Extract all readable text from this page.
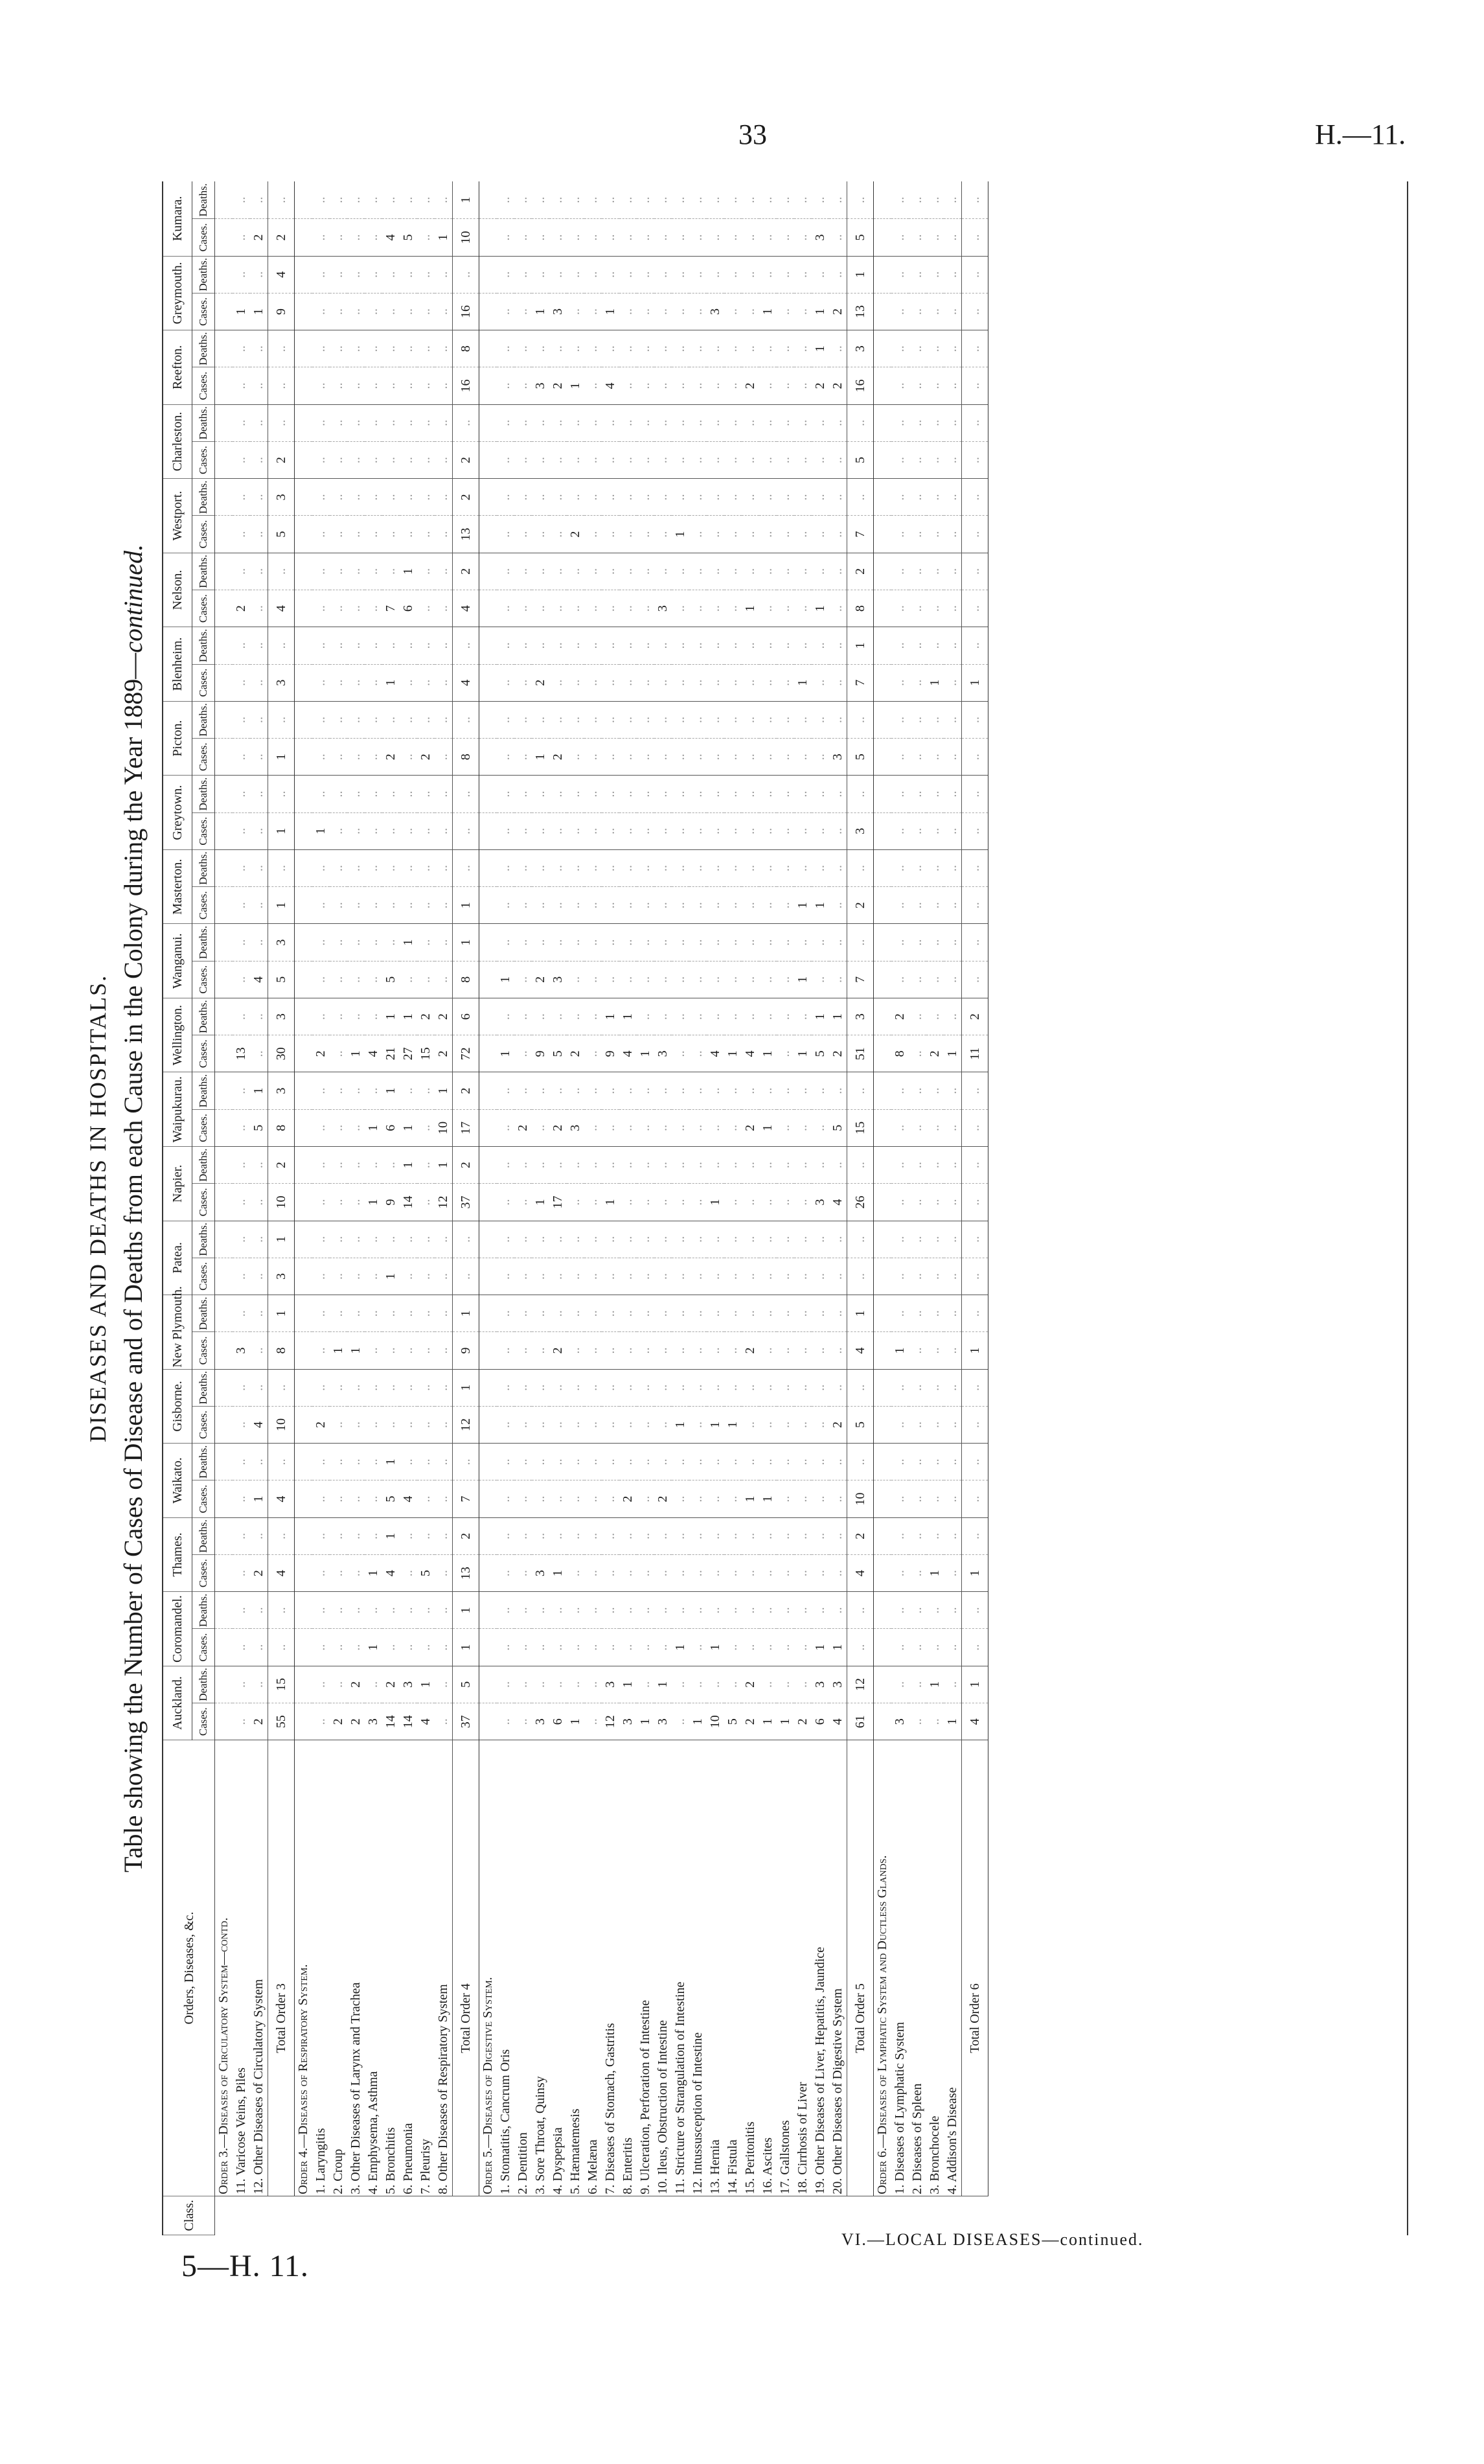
33	H.—11.
5—H. 11.
DISEASES AND DEATHS IN HOSPITALS. Table showing the Number of Cases of Disease and of Deaths from each Cause in the Colony during the Year 1889—continued.
Class.	Orders, Diseases, &c.	Auckland.		Coromandel.		Thames.		Waikato.		Gisborne.		New Plymouth.		Patea.		Napier.		Waipukurau.		Wellington.		Wanganui.		Masterton.		Greytown.		Picton.		Blenheim.		Nelson.		Westport.		Charleston.		Reefton.		Greymouth.		Kumara.	
		Cases.	Deaths.	Cases.	Deaths.	Cases.	Deaths.	Cases.	Deaths.	Cases.	Deaths.	Cases.	Deaths.	Cases.	Deaths.	Cases.	Deaths.	Cases.	Deaths.	Cases.	Deaths.	Cases.	Deaths.	Cases.	Deaths.	Cases.	Deaths.	Cases.	Deaths.	Cases.	Deaths.	Cases.	Deaths.	Cases.	Deaths.	Cases.	Deaths.	Cases.	Deaths.	Cases.	Deaths.	Cases.	Deaths.

VI.—LOCAL DISEASES—continued.	Order 3.—Diseases of Circulatory System—contd.																																										
	11. Varicose Veins, Piles	..	..	..	..	..	..	..	..	..	..	3	..	..	..	..	..	..	..	13	..	..	..	..	..	..	..	..	..	..	..	2	..	..	..	..	..	..	..	1	..	..	..
	12. Other Diseases of Circulatory System	2	..	..	..	2	..	1	..	4	..	..	..	..	..	..	..	5	1	..	..	4	..	..	..	..	..	..	..	..	..	..	..	..	..	..	..	..	..	1	..	2	..
	Total Order 3	55	15	..	..	4	..	4	..	10	..	8	1	3	1	10	2	8	3	30	3	5	3	1	..	1	..	1	..	3	..	4	..	5	3	2	..	..	..	9	4	2	..
	Order 4.—Diseases of Respiratory System.																																										
	1. Laryngitis	..	..	..	..	..	..	..	..	2	..	..	..	..	..	..	..	..	..	2	..	..	..	..	..	1	..	..	..	..	..	..	..	..	..	..	..	..	..	..	..	..	..
	2. Croup	2	..	..	..	..	..	..	..	..	..	1	..	..	..	..	..	..	..	..	..	..	..	..	..	..	..	..	..	..	..	..	..	..	..	..	..	..	..	..	..	..	..
	3. Other Diseases of Larynx and Trachea	2	2	..	..	..	..	..	..	..	..	1	..	..	..	..	..	..	..	1	..	..	..	..	..	..	..	..	..	..	..	..	..	..	..	..	..	..	..	..	..	..	..
	4. Emphysema, Asthma	3	..	1	..	1	..	..	..	..	..	..	..	..	..	1	..	1	..	4	..	..	..	..	..	..	..	..	..	..	..	..	..	..	..	..	..	..	..	..	..	..	..
	5. Bronchitis	14	2	..	..	4	1	5	1	..	..	..	..	1	..	9	..	6	1	21	1	5	..	..	..	..	..	2	..	1	..	7	..	..	..	..	..	..	..	..	..	4	..
	6. Pneumonia	14	3	..	..	..	..	4	..	..	..	..	..	..	..	14	1	1	..	27	1	..	1	..	..	..	..	..	..	..	..	6	1	..	..	..	..	..	..	..	..	5	..
	7. Pleurisy	4	1	..	..	5	..	..	..	..	..	..	..	..	..	..	..	..	..	15	2	..	..	..	..	..	..	2	..	..	..	..	..	..	..	..	..	..	..	..	..	..	..
	8. Other Diseases of Respiratory System	..	..	..	..	..	..	..	..	..	..	..	..	..	..	12	1	10	1	2	2	..	..	..	..	..	..	..	..	..	..	..	..	..	..	..	..	..	..	..	..	1	..
	Total Order 4	37	5	1	1	13	2	7	..	12	1	9	1	..	..	37	2	17	2	72	6	8	1	1	..	..	..	8	..	4	..	4	2	13	2	2	..	16	8	16	..	10	1
	Order 5.—Diseases of Digestive System.																																										
	1. Stomatitis, Cancrum Oris	..	..	..	..	..	..	..	..	..	..	..	..	..	..	..	..	..	..	1	..	1	..	..	..	..	..	..	..	..	..	..	..	..	..	..	..	..	..	..	..	..	..
	2. Dentition	..	..	..	..	..	..	..	..	..	..	..	..	..	..	..	..	2	..	..	..	..	..	..	..	..	..	..	..	..	..	..	..	..	..	..	..	..	..	..	..	..	..
	3. Sore Throat, Quinsy	3	..	..	..	3	..	..	..	..	..	..	..	..	..	1	..	..	..	9	..	2	..	..	..	..	..	1	..	2	..	..	..	..	..	..	..	3	..	1	..	..	..
	4. Dyspepsia	6	..	..	..	1	..	..	..	..	..	2	..	..	..	17	..	2	..	5	..	3	..	..	..	..	..	2	..	..	..	..	..	..	..	..	..	2	..	3	..	..	..
	5. Hæmatemesis	1	..	..	..	..	..	..	..	..	..	..	..	..	..	..	..	3	..	2	..	..	..	..	..	..	..	..	..	..	..	..	..	2	..	..	..	1	..	..	..	..	..
	6. Melæna	..	..	..	..	..	..	..	..	..	..	..	..	..	..	..	..	..	..	..	..	..	..	..	..	..	..	..	..	..	..	..	..	..	..	..	..	..	..	..	..	..	..
	7. Diseases of Stomach, Gastritis	12	3	..	..	..	..	..	..	..	..	..	..	..	..	1	..	..	..	9	1	..	..	..	..	..	..	..	..	..	..	..	..	..	..	..	..	4	..	1	..	..	..
	8. Enteritis	3	1	..	..	..	..	2	..	..	..	..	..	..	..	..	..	..	..	4	1	..	..	..	..	..	..	..	..	..	..	..	..	..	..	..	..	..	..	..	..	..	..
	9. Ulceration, Perforation of Intestine	1	..	..	..	..	..	..	..	..	..	..	..	..	..	..	..	..	..	1	..	..	..	..	..	..	..	..	..	..	..	..	..	..	..	..	..	..	..	..	..	..	..
	10. Ileus, Obstruction of Intestine	3	1	..	..	..	..	2	..	..	..	..	..	..	..	..	..	..	..	3	..	..	..	..	..	..	..	..	..	..	..	3	..	..	..	..	..	..	..	..	..	..	..
	11. Stricture or Strangulation of Intestine	..	..	1	..	..	..	..	..	1	..	..	..	..	..	..	..	..	..	..	..	..	..	..	..	..	..	..	..	..	..	..	..	1	..	..	..	..	..	..	..	..	..
	12. Intussusception of Intestine	1	..	..	..	..	..	..	..	..	..	..	..	..	..	..	..	..	..	..	..	..	..	..	..	..	..	..	..	..	..	..	..	..	..	..	..	..	..	..	..	..	..
	13. Hernia	10	..	1	..	..	..	..	..	1	..	..	..	..	..	1	..	..	..	4	..	..	..	..	..	..	..	..	..	..	..	..	..	..	..	..	..	..	..	3	..	..	..
	14. Fistula	5	..	..	..	..	..	..	..	1	..	..	..	..	..	..	..	..	..	1	..	..	..	..	..	..	..	..	..	..	..	..	..	..	..	..	..	..	..	..	..	..	..
	15. Peritonitis	2	2	..	..	..	..	1	..	..	..	2	..	..	..	..	..	2	..	4	..	..	..	..	..	..	..	..	..	..	..	1	..	..	..	..	..	2	..	..	..	..	..
	16. Ascites	1	..	..	..	..	..	1	..	..	..	..	..	..	..	..	..	1	..	1	..	..	..	..	..	..	..	..	..	..	..	..	..	..	..	..	..	..	..	1	..	..	..
	17. Gallstones	1	..	..	..	..	..	..	..	..	..	..	..	..	..	..	..	..	..	..	..	..	..	..	..	..	..	..	..	..	..	..	..	..	..	..	..	..	..	..	..	..	..
	18. Cirrhosis of Liver	2	..	..	..	..	..	..	..	..	..	..	..	..	..	..	..	..	..	1	..	1	..	1	..	..	..	..	..	1	..	..	..	..	..	..	..	..	..	..	..	..	..
	19. Other Diseases of Liver, Hepatitis, Jaundice	6	3	1	..	..	..	..	..	..	..	..	..	..	..	3	..	..	..	5	1	..	..	1	..	..	..	..	..	..	..	1	..	..	..	..	..	2	1	1	..	3	..
	20. Other Diseases of Digestive System	4	3	1	..	..	..	..	..	2	..	..	..	..	..	4	..	5	..	2	1	..	..	..	..	..	..	3	..	..	..	..	..	..	..	..	..	2	..	2	..	..	..
	Total Order 5	61	12	..	..	4	2	10	..	5	..	4	1	..	..	26	..	15	..	51	3	7	..	2	..	3	..	5	..	7	1	8	2	7	..	5	..	16	3	13	1	5	..
	Order 6.—Diseases of Lymphatic System and Ductless Glands.																																										
	1. Diseases of Lymphatic System	3	..	..	..	..	..	..	..	..	..	1	..	..	..	..	..	..	..	8	2	..	..	..	..	..	..	..	..	..	..	..	..	..	..	..	..	..	..	..	..	..	..
	2. Diseases of Spleen	..	..	..	..	..	..	..	..	..	..	..	..	..	..	..	..	..	..	..	..	..	..	..	..	..	..	..	..	..	..	..	..	..	..	..	..	..	..	..	..	..	..
	3. Bronchocele	..	1	..	..	1	..	..	..	..	..	..	..	..	..	..	..	..	..	2	..	..	..	..	..	..	..	..	..	1	..	..	..	..	..	..	..	..	..	..	..	..	..
	4. Addison's Disease	1	..	..	..	..	..	..	..	..	..	..	..	..	..	..	..	..	..	1	..	..	..	..	..	..	..	..	..	..	..	..	..	..	..	..	..	..	..	..	..	..	..
	Total Order 6	4	1	..	..	1	..	..	..	..	..	1	..	..	..	..	..	..	..	11	2	..	..	..	..	..	..	..	..	1	..	..	..	..	..	..	..	..	..	..	..	..	..
